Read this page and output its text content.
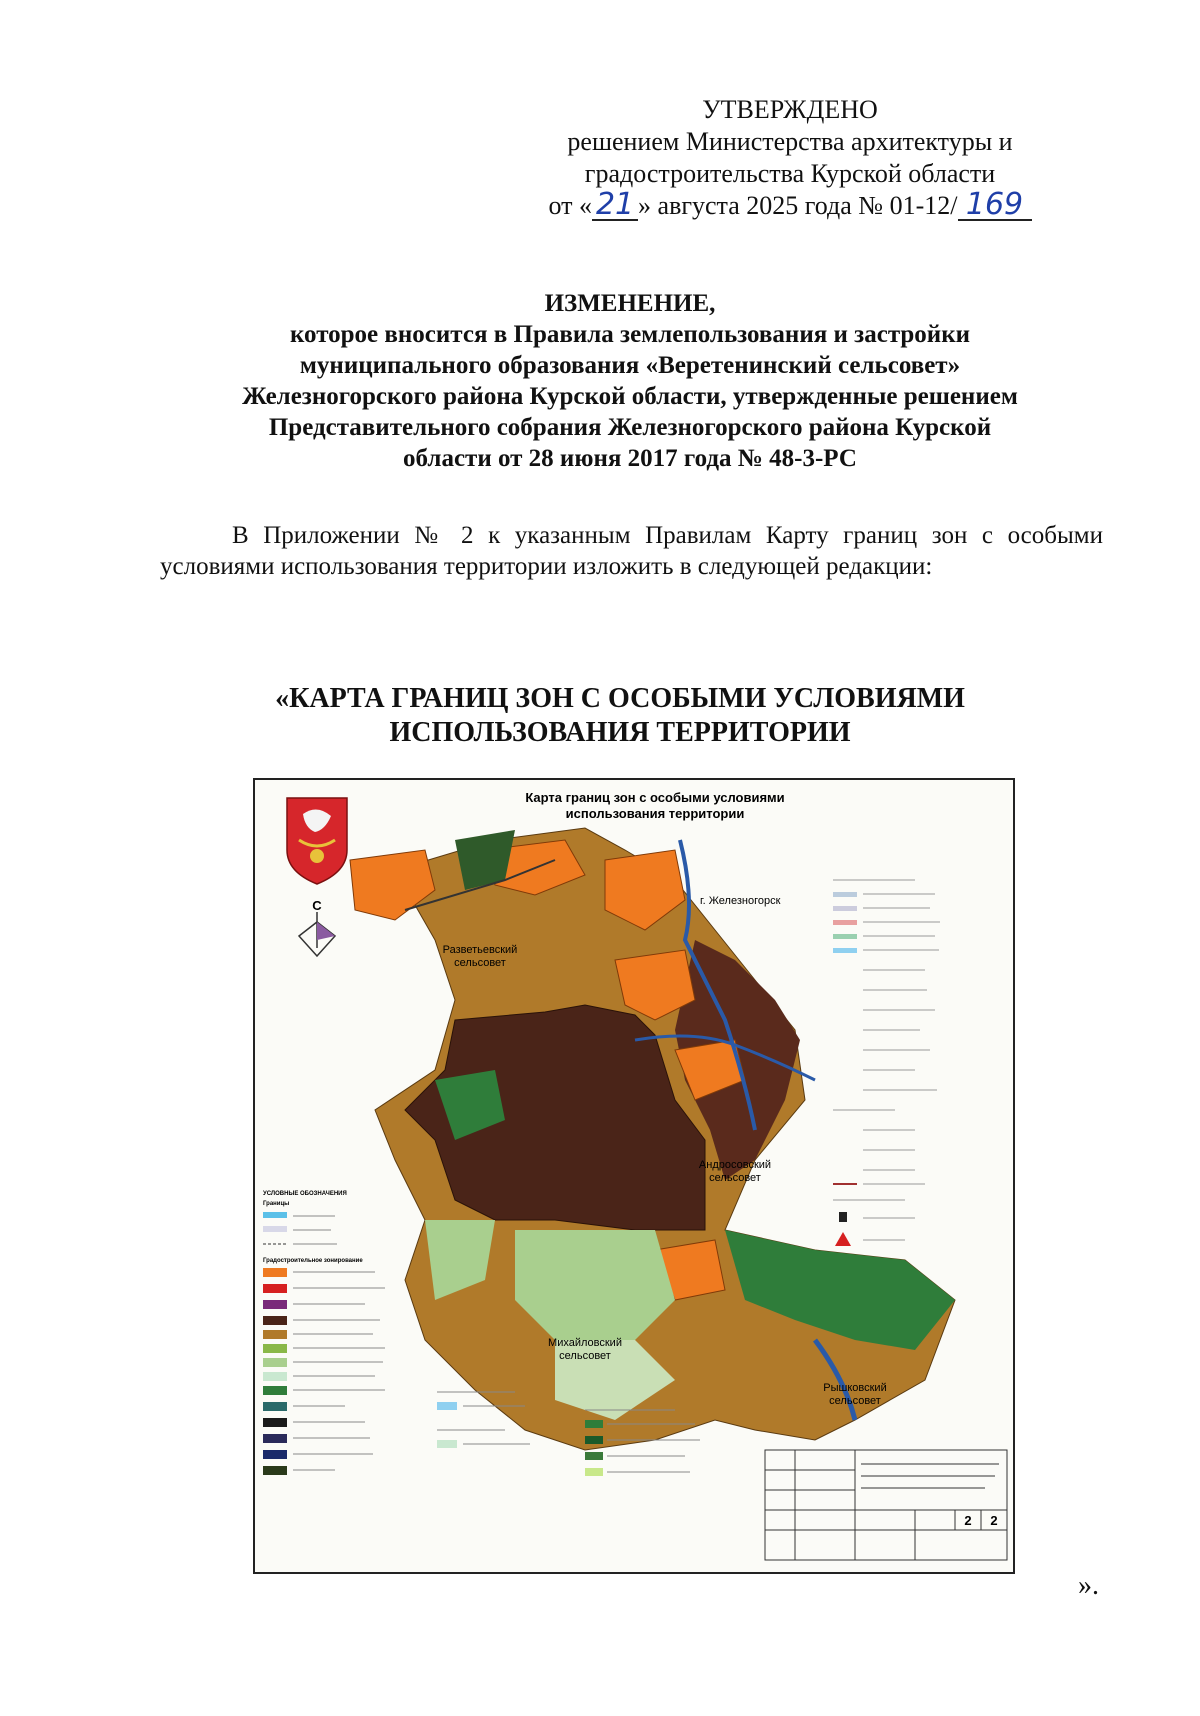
УТВЕРЖДЕНО
решением Министерства архитектуры и
градостроительства Курской области
от « 21 » августа 2025 года № 01-12/ 169
ИЗМЕНЕНИЕ,
которое вносится в Правила землепользования и застройки
муниципального образования «Веретенинский сельсовет»
Железногорского района Курской области, утвержденные решением
Представительного собрания Железногорского района Курской
области от 28 июня 2017 года № 48-3-РС
В Приложении № 2 к указанным Правилам Карту границ зон с особыми условиями использования территории изложить в следующей редакции:
«КАРТА ГРАНИЦ ЗОН С ОСОБЫМИ УСЛОВИЯМИ
ИСПОЛЬЗОВАНИЯ ТЕРРИТОРИИ
С
Карта границ зон с особыми условиями
использования территории
г. Железногорск
Разветьевский
сельсовет
Андросовский
сельсовет
Михайловский
сельсовет
Рышковский
сельсовет
УСЛОВНЫЕ ОБОЗНАЧЕНИЯ
Границы
Градостроительное зонирование
2 2
».
